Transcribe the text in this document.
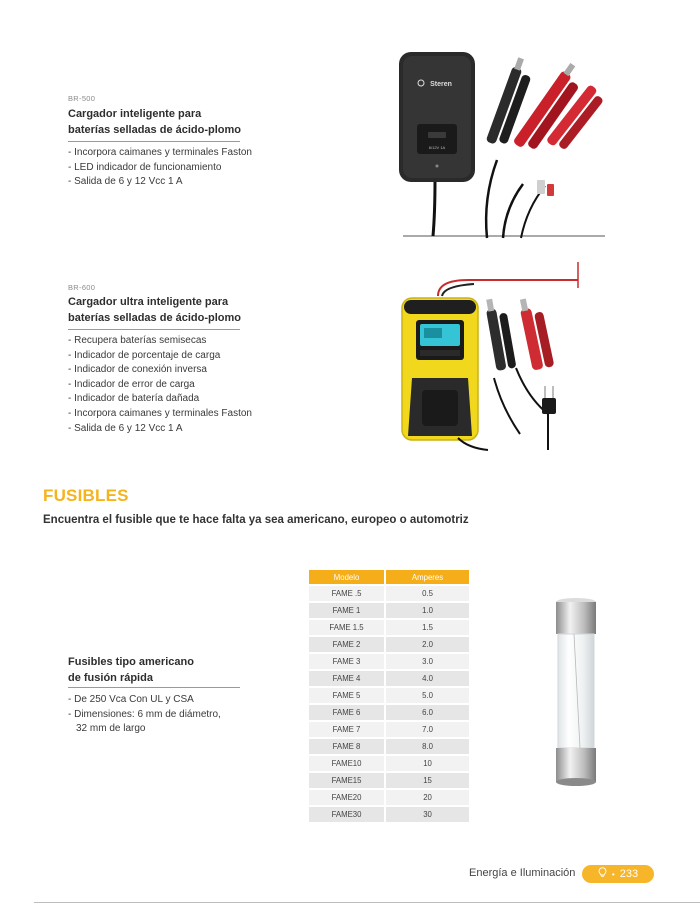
BR-500
Cargador inteligente para
baterías selladas de ácido-plomo
- Incorpora caimanes y terminales Faston
- LED indicador de funcionamiento
- Salida de 6 y 12 Vcc 1 A
6/12V 1A
Steren
BR-600
Cargador ultra inteligente para
baterías selladas de ácido-plomo
- Recupera baterías semisecas
- Indicador de porcentaje de carga
- Indicador de conexión inversa
- Indicador de error de carga
- Indicador de batería dañada
- Incorpora caimanes y terminales Faston
- Salida de 6 y 12 Vcc 1 A
FUSIBLES
Encuentra el fusible que te hace falta ya sea americano, europeo o automotriz
Fusibles tipo americano
de fusión rápida
- De 250 Vca Con UL y CSA
- Dimensiones: 6 mm de diámetro,
32 mm de largo
Modelo	Amperes
FAME .5	0.5
FAME 1	1.0
FAME 1.5	1.5
FAME 2	2.0
FAME 3	3.0
FAME 4	4.0
FAME 5	5.0
FAME 6	6.0
FAME 7	7.0
FAME 8	8.0
FAME10	10
FAME15	15
FAME20	20
FAME30	30
Energía e Iluminación	• 233
